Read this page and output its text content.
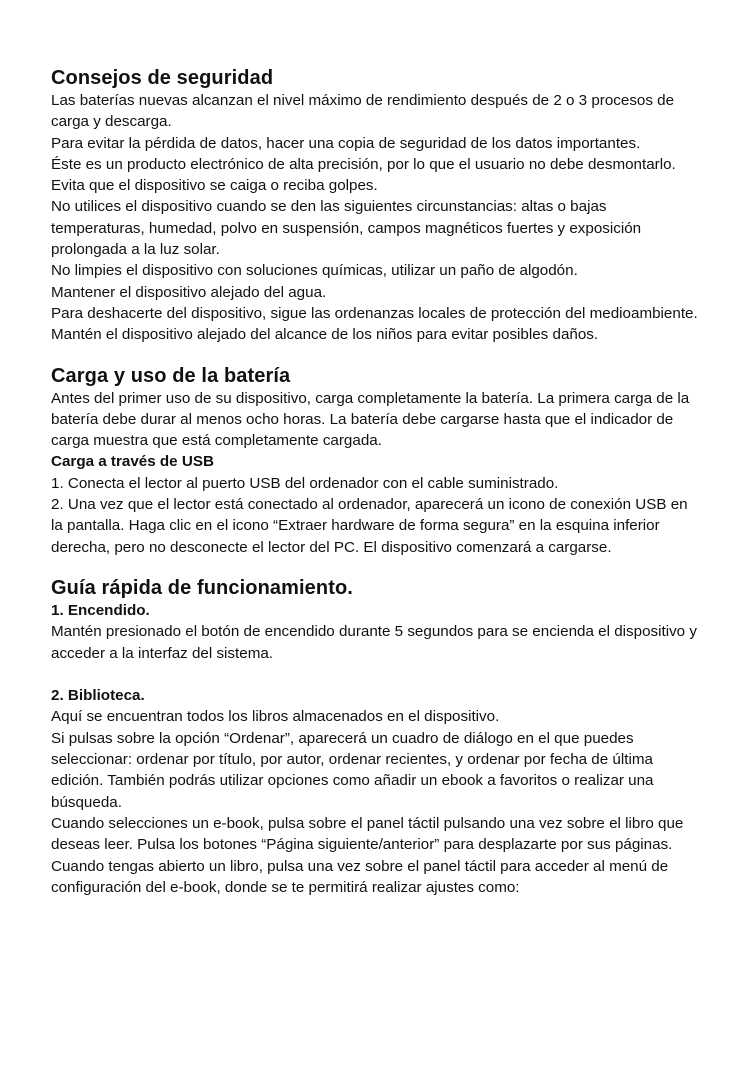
Consejos de seguridad

Las baterías nuevas alcanzan el nivel máximo de rendimiento después de 2 o 3 procesos de carga y descarga.

Para evitar la pérdida de datos, hacer una copia de seguridad de los datos importantes.

Éste es un producto electrónico de alta precisión, por lo que el usuario no debe desmontarlo.

Evita que el dispositivo se caiga o reciba golpes.

No utilices el dispositivo cuando se den las siguientes circunstancias: altas o bajas temperaturas, humedad, polvo en suspensión, campos magnéticos fuertes y exposición prolongada a la luz solar.

No limpies el dispositivo con soluciones químicas, utilizar un paño de algodón.

Mantener el dispositivo alejado del agua.

Para deshacerte del dispositivo, sigue las ordenanzas locales de protección del medioambiente.

Mantén el dispositivo alejado del alcance de los niños para evitar posibles daños.

Carga y uso de la batería

Antes del primer uso de su dispositivo, carga completamente la batería. La primera carga de la batería debe durar al menos ocho horas. La batería debe cargarse hasta que el indicador de carga muestra que está completamente cargada.

Carga a través de USB

1. Conecta el lector al puerto USB del ordenador con el cable suministrado.

2. Una vez que el lector está conectado al ordenador, aparecerá un icono de conexión USB en la pantalla. Haga clic en el icono “Extraer hardware de forma segura” en la esquina inferior derecha, pero no desconecte el lector del PC. El dispositivo comenzará a cargarse.

Guía rápida de funcionamiento.
1. Encendido.

Mantén presionado el botón de encendido durante 5 segundos para se encienda el dispositivo y acceder a la interfaz del sistema.

2. Biblioteca.

Aquí se encuentran todos los libros almacenados en el dispositivo.

Si pulsas sobre la opción “Ordenar”, aparecerá un cuadro de diálogo en el que puedes seleccionar: ordenar por título, por autor, ordenar recientes, y ordenar por fecha de última edición. También podrás utilizar opciones como añadir un ebook a favoritos o realizar una búsqueda.

Cuando selecciones un e-book, pulsa sobre el panel táctil pulsando una vez sobre el libro que deseas leer. Pulsa los botones “Página siguiente/anterior” para desplazarte por sus páginas.

Cuando tengas abierto un libro, pulsa una vez sobre el panel táctil para acceder al menú de configuración del e-book, donde se te permitirá realizar ajustes como:
